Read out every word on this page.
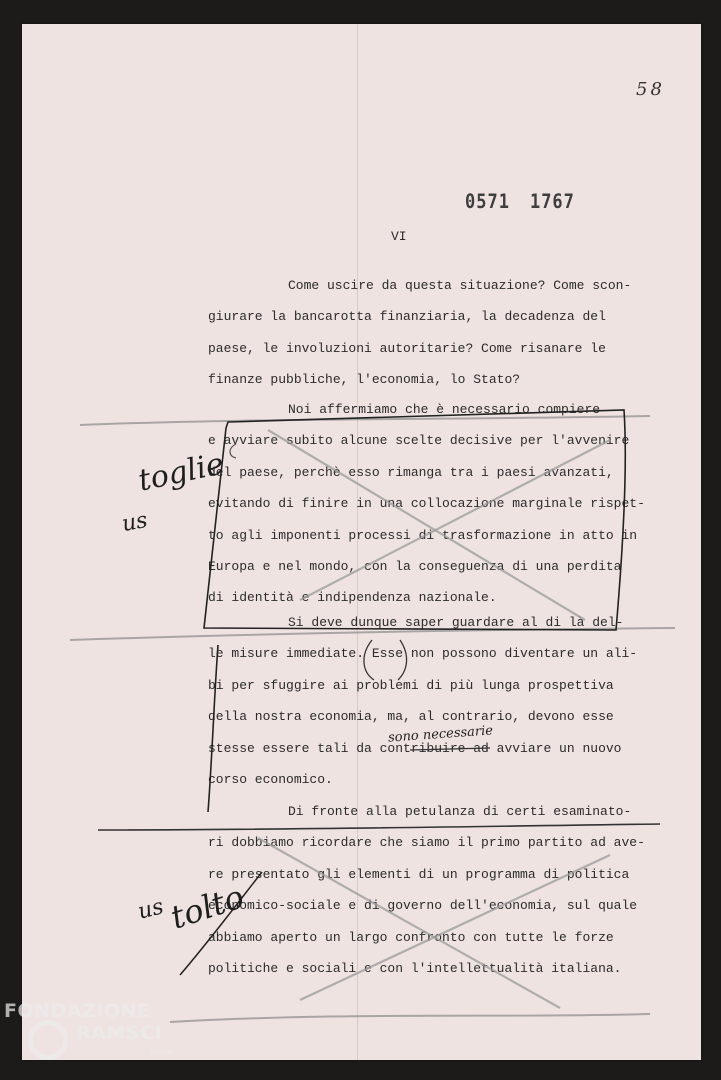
58
0571 1767
VI
Come uscire da questa situazione? Come scon-
giurare la bancarotta finanziaria, la decadenza del
paese, le involuzioni autoritarie? Come risanare le
finanze pubbliche, l'economia, lo Stato?
Noi affermiamo che è necessario compiere
e avviare subito alcune scelte decisive per l'avvenire
del paese, perchè esso rimanga tra i paesi avanzati,
evitando di finire in una collocazione marginale rispet-
to agli imponenti processi di trasformazione in atto in
Europa e nel mondo, con la conseguenza di una perdita
di identità e indipendenza nazionale.
Si deve dunque saper guardare al di là del-
le misure immediate. Esse non possono diventare un ali-
bi per sfuggire ai problemi di più lunga prospettiva
della nostra economia, ma, al contrario, devono esse
stesse essere tali da contribuire ad avviare un nuovo
corso economico.
Di fronte alla petulanza di certi esaminato-
ri dobbiamo ricordare che siamo il primo partito ad ave-
re presentato gli elementi di un programma di politica
economico-sociale e di governo dell'economia, sul quale
abbiamo aperto un largo confronto con tutte le forze
politiche e sociali e con l'intellettualità italiana.
toglie
us
sono necessarie
us tolto
FONDAZIONE
RAMSCI
onlus
